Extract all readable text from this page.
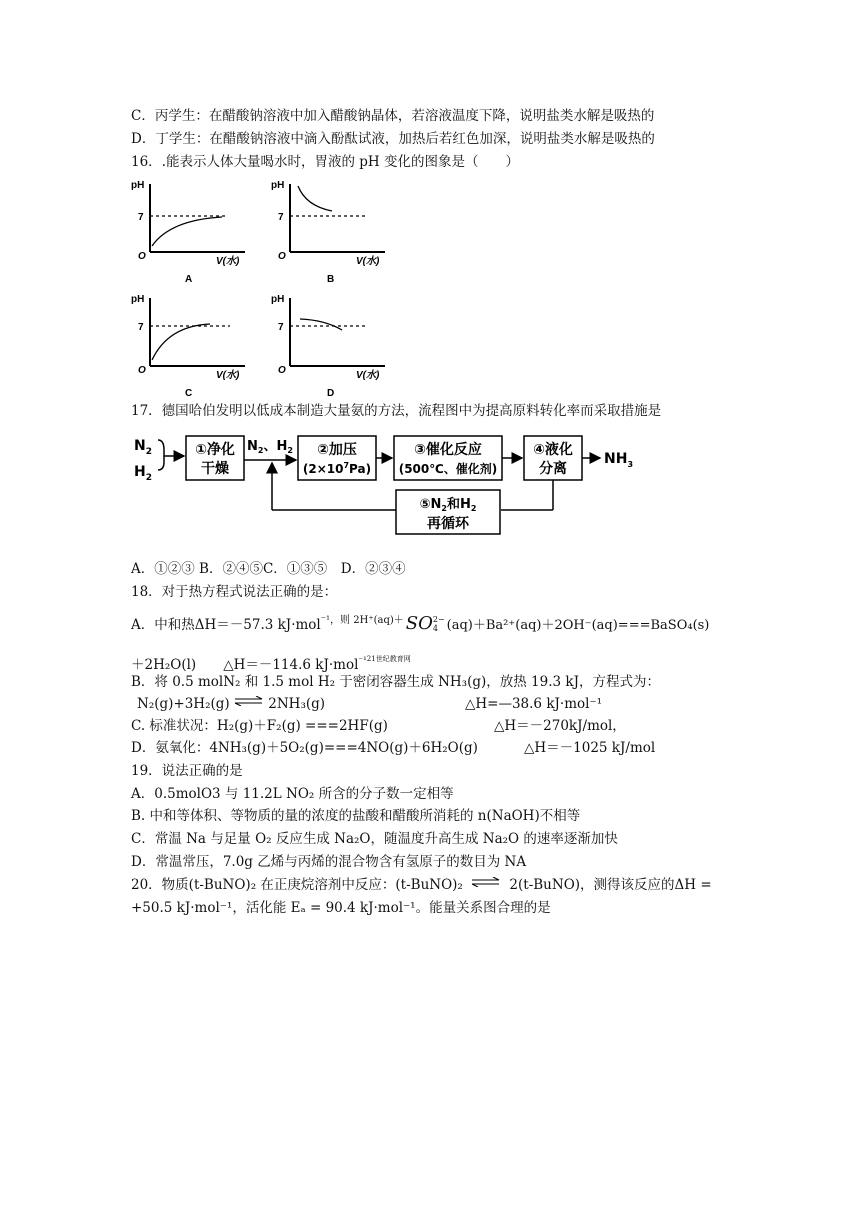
C．丙学生：在醋酸钠溶液中加入醋酸钠晶体，若溶液温度下降，说明盐类水解是吸热的
D．丁学生：在醋酸钠溶液中滴入酚酞试液，加热后若红色加深，说明盐类水解是吸热的
16．.能表示人体大量喝水时，胃液的 pH 变化的图象是（　　）
pH
7
O	V(水)
A
pH
7
O	V(水)
B
pH
7
O	V(水)
C
pH
7
O	V(水)
D
17．德国哈伯发明以低成本制造大量氨的方法，流程图中为提高原料转化率而采取措施是
$N_2$
$H_2$
①净化
干燥
$N_2$、$H_2$ ②加压
$(2\times 10^7Pa)$
③催化反应
(500℃、催化剂)
④液化
分离
$NH_3$
$⑤N_2$和$H_2$
再循环
A．①②③ B．②④⑤C．①③⑤　D．②③④
18．对于热方程式说法正确的是：
A．中和热ΔH＝－57.3 kJ·mol$^{^{-1},则 2H^+(aq)+}$ SO 2−
4 (aq)＋Ba²⁺(aq)＋2OH⁻(aq)===BaSO₄(s)
＋2H₂O(l)　　△H＝－114.6 kJ·mol$^{^{-1}21世纪教育网}$
B．将 0.5 molN₂ 和 1.5 mol H₂ 于密闭容器生成 NH₃(g)，放热 19.3 kJ，方程式为：
N₂(g)+3H₂(g) ⇌ 2NH₃(g)	△H=—38.6 kJ·mol⁻¹
C. 标准状况：H₂(g)＋F₂(g) ===2HF(g)	△H＝－270kJ/mol，
D．氨氧化：4NH₃(g)＋5O₂(g)===4NO(g)＋6H₂O(g)	△H＝－1025 kJ/mol
19．说法正确的是
A．0.5molO3 与 11.2L NO₂ 所含的分子数一定相等
B. 中和等体积、等物质的量的浓度的盐酸和醋酸所消耗的 n(NaOH)不相等
C．常温 Na 与足量 O₂ 反应生成 Na₂O，随温度升高生成 Na₂O 的速率逐渐加快
D．常温常压，7.0g 乙烯与丙烯的混合物含有氢原子的数目为 NA
20．物质(t-BuNO)₂ 在正庚烷溶剂中反应：(t-BuNO)₂ ⇌ 2(t-BuNO)，测得该反应的ΔH =
+50.5 kJ·mol⁻¹，活化能 Eₐ = 90.4 kJ·mol⁻¹。能量关系图合理的是
